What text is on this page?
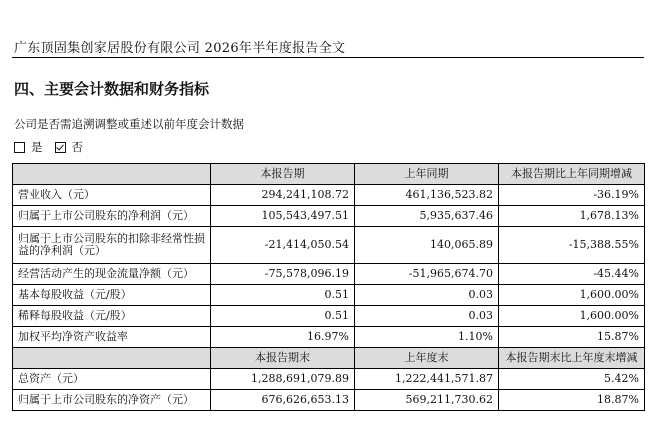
广东顶固集创家居股份有限公司 2026年半年度报告全文
四、主要会计数据和财务指标
公司是否需追溯调整或重述以前年度会计数据
是	否
	本报告期	上年同期	本报告期比上年同期增减
营业收入（元）	294,241,108.72	461,136,523.82	-36.19%
归属于上市公司股东的净利润（元）	105,543,497.51	5,935,637.46	1,678.13%
归属于上市公司股东的扣除非经常性损益的净利润（元）	-21,414,050.54	140,065.89	-15,388.55%
经营活动产生的现金流量净额（元）	-75,578,096.19	-51,965,674.70	-45.44%
基本每股收益（元/股）	0.51	0.03	1,600.00%
稀释每股收益（元/股）	0.51	0.03	1,600.00%
加权平均净资产收益率	16.97%	1.10%	15.87%
	本报告期末	上年度末	本报告期末比上年度末增减
总资产（元）	1,288,691,079.89	1,222,441,571.87	5.42%
归属于上市公司股东的净资产（元）	676,626,653.13	569,211,730.62	18.87%
